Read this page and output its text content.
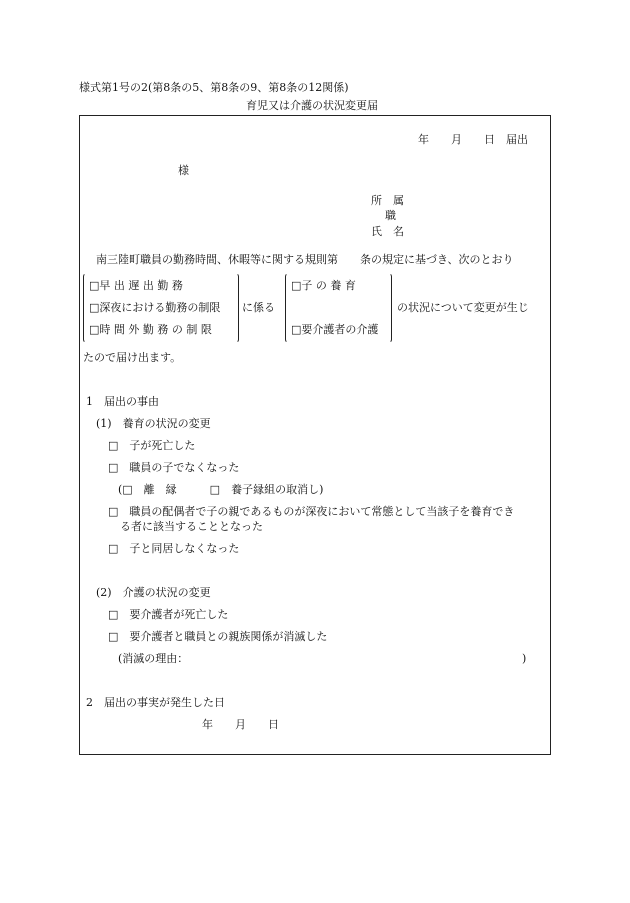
様式第1号の2(第8条の5、第8条の9、第8条の12関係)
育児又は介護の状況変更届
年　　月　　日　届出
様
所　属
職
氏　名
南三陸町職員の勤務時間、休暇等に関する規則第　　条の規定に基づき、次のとおり
□早 出 遅 出 勤 務
□深夜における勤務の制限
□時 間 外 勤 務 の 制 限
に係る
□子 の 養 育
□要介護者の介護
の状況について変更が生じ
たので届け出ます。
1　届出の事由
(1)　養育の状況の変更
□　子が死亡した
□　職員の子でなくなった
(□　離　縁　　　□　養子縁組の取消し)
□　職員の配偶者で子の親であるものが深夜において常態として当該子を養育でき
る者に該当することとなった
□　子と同居しなくなった
(2)　介護の状況の変更
□　要介護者が死亡した
□　要介護者と職員との親族関係が消滅した
(消滅の理由：	)
2　届出の事実が発生した日
年　　月　　日
